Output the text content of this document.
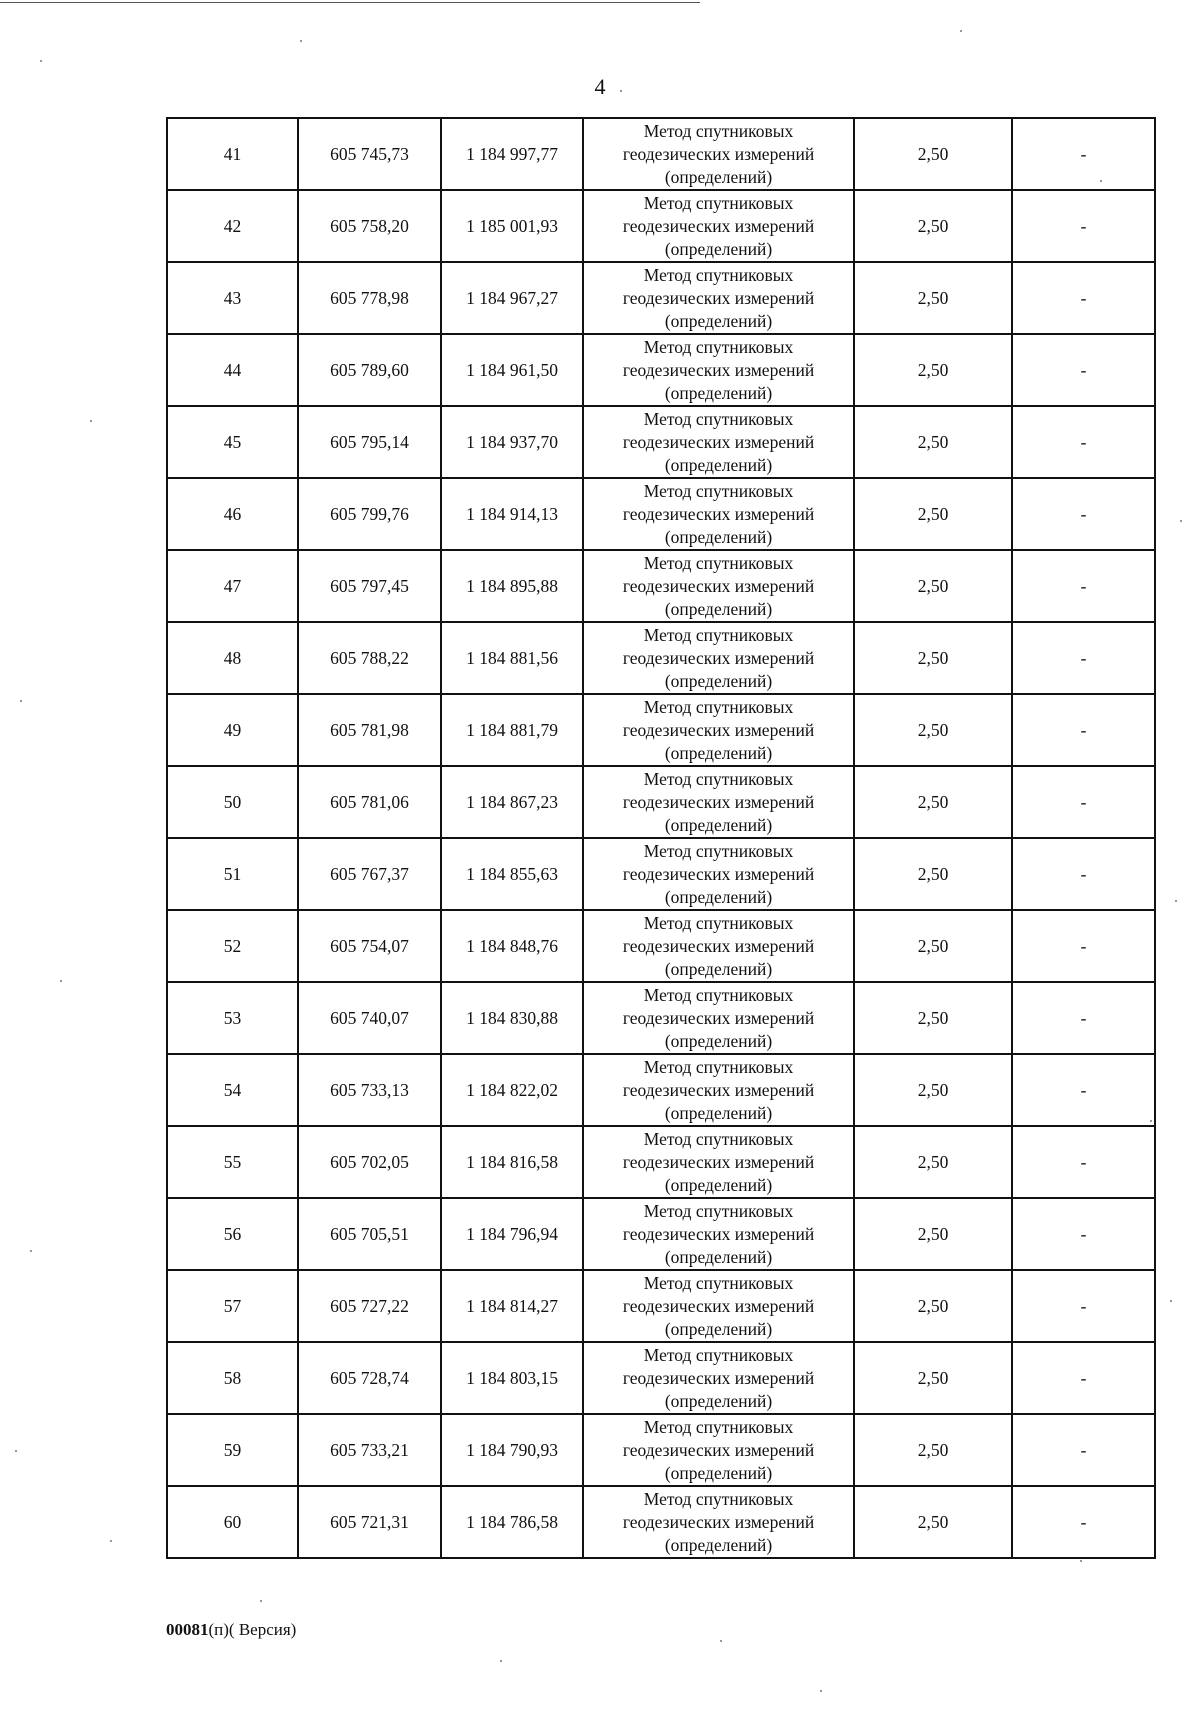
4
41	605 745,73	1 184 997,77	Метод спутниковых
геодезических измерений
(определений)	2,50	-
42	605 758,20	1 185 001,93	Метод спутниковых
геодезических измерений
(определений)	2,50	-
43	605 778,98	1 184 967,27	Метод спутниковых
геодезических измерений
(определений)	2,50	-
44	605 789,60	1 184 961,50	Метод спутниковых
геодезических измерений
(определений)	2,50	-
45	605 795,14	1 184 937,70	Метод спутниковых
геодезических измерений
(определений)	2,50	-
46	605 799,76	1 184 914,13	Метод спутниковых
геодезических измерений
(определений)	2,50	-
47	605 797,45	1 184 895,88	Метод спутниковых
геодезических измерений
(определений)	2,50	-
48	605 788,22	1 184 881,56	Метод спутниковых
геодезических измерений
(определений)	2,50	-
49	605 781,98	1 184 881,79	Метод спутниковых
геодезических измерений
(определений)	2,50	-
50	605 781,06	1 184 867,23	Метод спутниковых
геодезических измерений
(определений)	2,50	-
51	605 767,37	1 184 855,63	Метод спутниковых
геодезических измерений
(определений)	2,50	-
52	605 754,07	1 184 848,76	Метод спутниковых
геодезических измерений
(определений)	2,50	-
53	605 740,07	1 184 830,88	Метод спутниковых
геодезических измерений
(определений)	2,50	-
54	605 733,13	1 184 822,02	Метод спутниковых
геодезических измерений
(определений)	2,50	-
55	605 702,05	1 184 816,58	Метод спутниковых
геодезических измерений
(определений)	2,50	-
56	605 705,51	1 184 796,94	Метод спутниковых
геодезических измерений
(определений)	2,50	-
57	605 727,22	1 184 814,27	Метод спутниковых
геодезических измерений
(определений)	2,50	-
58	605 728,74	1 184 803,15	Метод спутниковых
геодезических измерений
(определений)	2,50	-
59	605 733,21	1 184 790,93	Метод спутниковых
геодезических измерений
(определений)	2,50	-
60	605 721,31	1 184 786,58	Метод спутниковых
геодезических измерений
(определений)	2,50	-
00081(п)( Версия)
